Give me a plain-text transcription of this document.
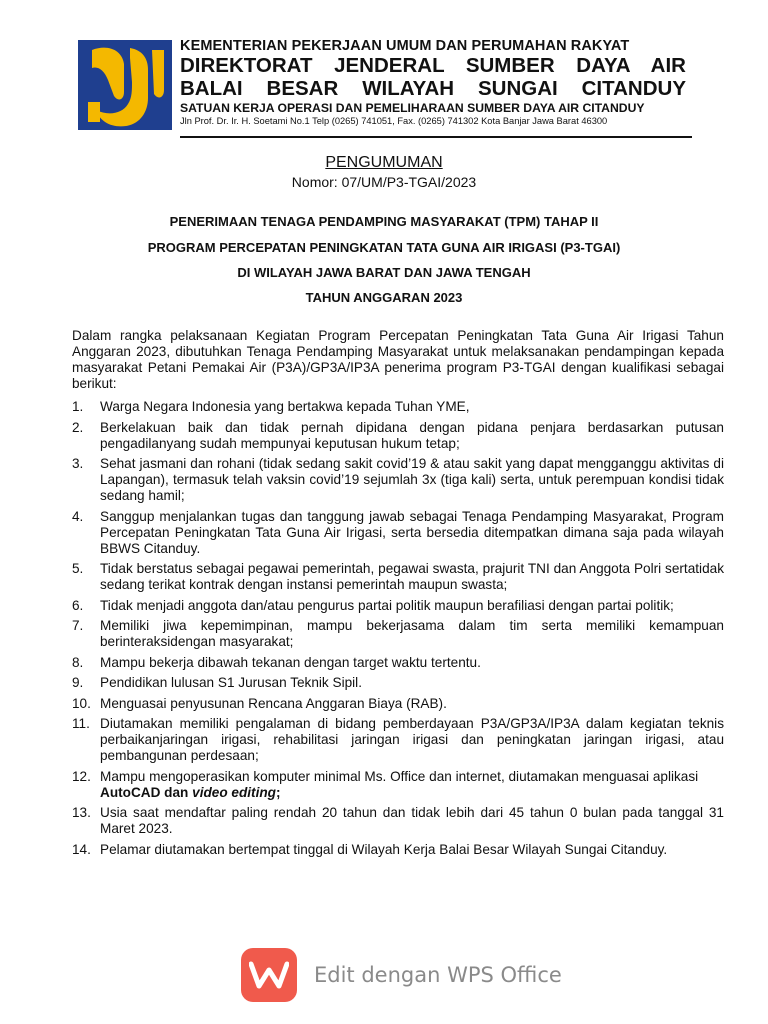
KEMENTERIAN PEKERJAAN UMUM DAN PERUMAHAN RAKYAT
DIREKTORAT JENDERAL SUMBER DAYA AIR
BALAI BESAR WILAYAH SUNGAI CITANDUY
SATUAN KERJA OPERASI DAN PEMELIHARAAN SUMBER DAYA AIR CITANDUY
Jln Prof. Dr. Ir. H. Soetami No.1 Telp (0265) 741051, Fax. (0265) 741302 Kota Banjar Jawa Barat 46300
PENGUMUMAN
Nomor: 07/UM/P3-TGAI/2023
PENERIMAAN TENAGA PENDAMPING MASYARAKAT (TPM) TAHAP II
PROGRAM PERCEPATAN PENINGKATAN TATA GUNA AIR IRIGASI (P3-TGAI)
DI WILAYAH JAWA BARAT DAN JAWA TENGAH
TAHUN ANGGARAN 2023
Dalam rangka pelaksanaan Kegiatan Program Percepatan Peningkatan Tata Guna Air Irigasi Tahun Anggaran 2023, dibutuhkan Tenaga Pendamping Masyarakat untuk melaksanakan pendampingan kepada masyarakat Petani Pemakai Air (P3A)/GP3A/IP3A penerima program P3-TGAI dengan kualifikasi sebagai berikut:
1. Warga Negara Indonesia yang bertakwa kepada Tuhan YME,
2. Berkelakuan baik dan tidak pernah dipidana dengan pidana penjara berdasarkan putusan pengadilanyang sudah mempunyai keputusan hukum tetap;
3. Sehat jasmani dan rohani (tidak sedang sakit covid’19 & atau sakit yang dapat mengganggu aktivitas di Lapangan), termasuk telah vaksin covid’19 sejumlah 3x (tiga kali) serta, untuk perempuan kondisi tidak sedang hamil;
4. Sanggup menjalankan tugas dan tanggung jawab sebagai Tenaga Pendamping Masyarakat, Program Percepatan Peningkatan Tata Guna Air Irigasi, serta bersedia ditempatkan dimana saja pada wilayah BBWS Citanduy.
5. Tidak berstatus sebagai pegawai pemerintah, pegawai swasta, prajurit TNI dan Anggota Polri sertatidak sedang terikat kontrak dengan instansi pemerintah maupun swasta;
6. Tidak menjadi anggota dan/atau pengurus partai politik maupun berafiliasi dengan partai politik;
7. Memiliki jiwa kepemimpinan, mampu bekerjasama dalam tim serta memiliki kemampuan berinteraksidengan masyarakat;
8. Mampu bekerja dibawah tekanan dengan target waktu tertentu.
9. Pendidikan lulusan S1 Jurusan Teknik Sipil.
10. Menguasai penyusunan Rencana Anggaran Biaya (RAB).
11. Diutamakan memiliki pengalaman di bidang pemberdayaan P3A/GP3A/IP3A dalam kegiatan teknis perbaikanjaringan irigasi, rehabilitasi jaringan irigasi dan peningkatan jaringan irigasi, atau pembangunan perdesaan;
12. Mampu mengoperasikan komputer minimal Ms. Office dan internet, diutamakan menguasai aplikasi
AutoCAD dan video editing;
13. Usia saat mendaftar paling rendah 20 tahun dan tidak lebih dari 45 tahun 0 bulan pada tanggal 31 Maret 2023.
14. Pelamar diutamakan bertempat tinggal di Wilayah Kerja Balai Besar Wilayah Sungai Citanduy.
Edit dengan WPS Office
